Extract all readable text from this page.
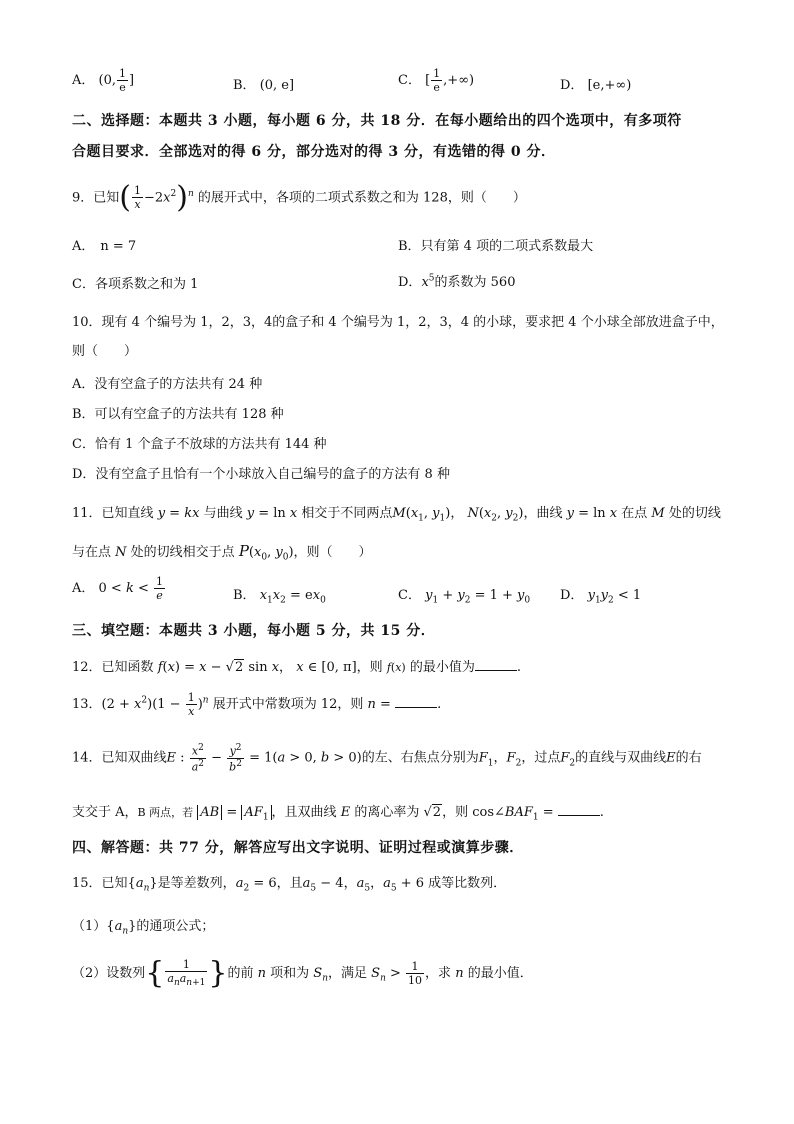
A． (0, $\frac{1}{e}$ ]	B． (0, e]	C． [ $\frac{1}{e}$ ,+∞)	D． [e,+∞)
二、选择题：本题共 3 小题，每小题 6 分，共 18 分．在每小题给出的四个选项中，有多项符
合题目要求．全部选对的得 6 分，部分选对的得 3 分，有选错的得 0 分．
9．已知( $\frac{1}{x} -2x^2)^n$ 的展开式中，各项的二项式系数之和为 128，则（　　）
A． n = 7	B．只有第 4 项的二项式系数最大
C．各项系数之和为 1	D．$x^5$的系数为 560
10．现有 4 个编号为 1，2，3，4的盒子和 4 个编号为 1，2，3，4 的小球，要求把 4 个小球全部放进盒子中，
则（　　）
A．没有空盒子的方法共有 24 种
B．可以有空盒子的方法共有 128 种
C．恰有 1 个盒子不放球的方法共有 144 种
D．没有空盒子且恰有一个小球放入自己编号的盒子的方法有 8 种
11．已知直线 y = kx 与曲线 y = ln x 相交于不同两点$M(x_1$, $y_1$)， $N(x_2$, $y_2$)，曲线 y = ln x 在点 M 处的切线
与在点 N 处的切线相交于点 $P(x_0$, $y_0$)，则（　　）
A． $0 < k < \frac{1}{e}$	B． $x_1x_2 = ex_0$	C． $y_1 + y_2 = 1 + y_0$ D． $y_1y_2 < 1$
三、填空题：本题共 3 小题，每小题 5 分，共 15 分．
12．已知函数 f(x) = x − √2 sin x， x ∈ [0, π]，则 f(x) 的最小值为	.
13．$(2 + x^2)(1 - \frac{1}{x} )^n$ 展开式中常数项为 12，则 n =	.
14．已知双曲线E : $\frac{x^2}{a^2} - \frac{y^2}{b^2} = 1(a > 0$, b > 0)的左、右焦点分别为$F_1$，$F_2$，过点$F_2$的直线与双曲线E的右
支交于 A，B 两点，若 AB = $AF_1$ ，且双曲线 E 的离心率为 √2，则 $\cos\angle BAF_1$ =	.
四、解答题：共 77 分，解答应写出文字说明、证明过程或演算步骤．
15．已知$\{a_n\}$是等差数列，$a_2 = 6$，且$a_5 - 4$，$a_5$，$a_5 + 6$ 成等比数列．
$(1)\{a_n\}$的通项公式；
（2）设数列{ $\frac{1}{a_na_{n+1}}$ }的前 n 项和为 $S_n$，满足 $S_n > \frac{1}{10}$ ，求 n 的最小值．
